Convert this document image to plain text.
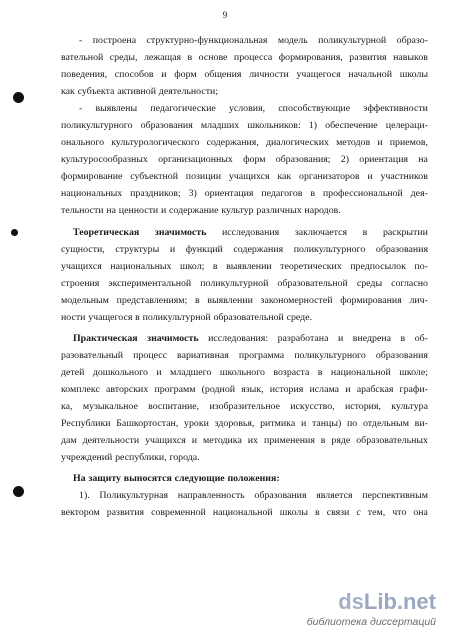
9
- построена структурно-функциональная модель поликультурной образо-
вательной среды, лежащая в основе процесса формирования, развития навыков
поведения, способов и форм общения личности учащегося начальной школы
как субъекта активной деятельности;
- выявлены педагогические условия, способствующие эффективности
поликультурного образования младших школьников: 1) обеспечение целераци-
онального культурологического содержания, диалогических методов и приемов,
культуросообразных организационных форм образования; 2) ориентация на
формирование субъектной позиции учащихся как организаторов и участников
национальных праздников; 3) ориентация педагогов в профессиональной дея-
тельности на ценности и содержание культур различных народов.
Теоретическая значимость исследования заключается в раскрытии
сущности, структуры и функций содержания поликультурного образования
учащихся национальных школ; в выявлении теоретических предпосылок по-
строения экспериментальной поликультурной образовательной среды согласно
модельным представлениям; в выявлении закономерностей формирования лич-
ности учащегося в поликультурной образовательной среде.
Практическая значимость исследования: разработана и внедрена в об-
разовательный процесс вариативная программа поликультурного образования
детей дошкольного и младшего школьного возраста в национальной школе;
комплекс авторских программ (родной язык, история ислама и арабская графи-
ка, музыкальное воспитание, изобразительное искусство, история, культура
Республики Башкортостан, уроки здоровья, ритмика и танцы) по отдельным ви-
дам деятельности учащихся и методика их применения в ряде образовательных
учреждений республики, города.
На защиту выносятся следующие положения:
1). Поликультурная направленность образования является перспективным
вектором развития современной национальной школы в связи с тем, что она
dsLib.net
библиотека диссертаций
